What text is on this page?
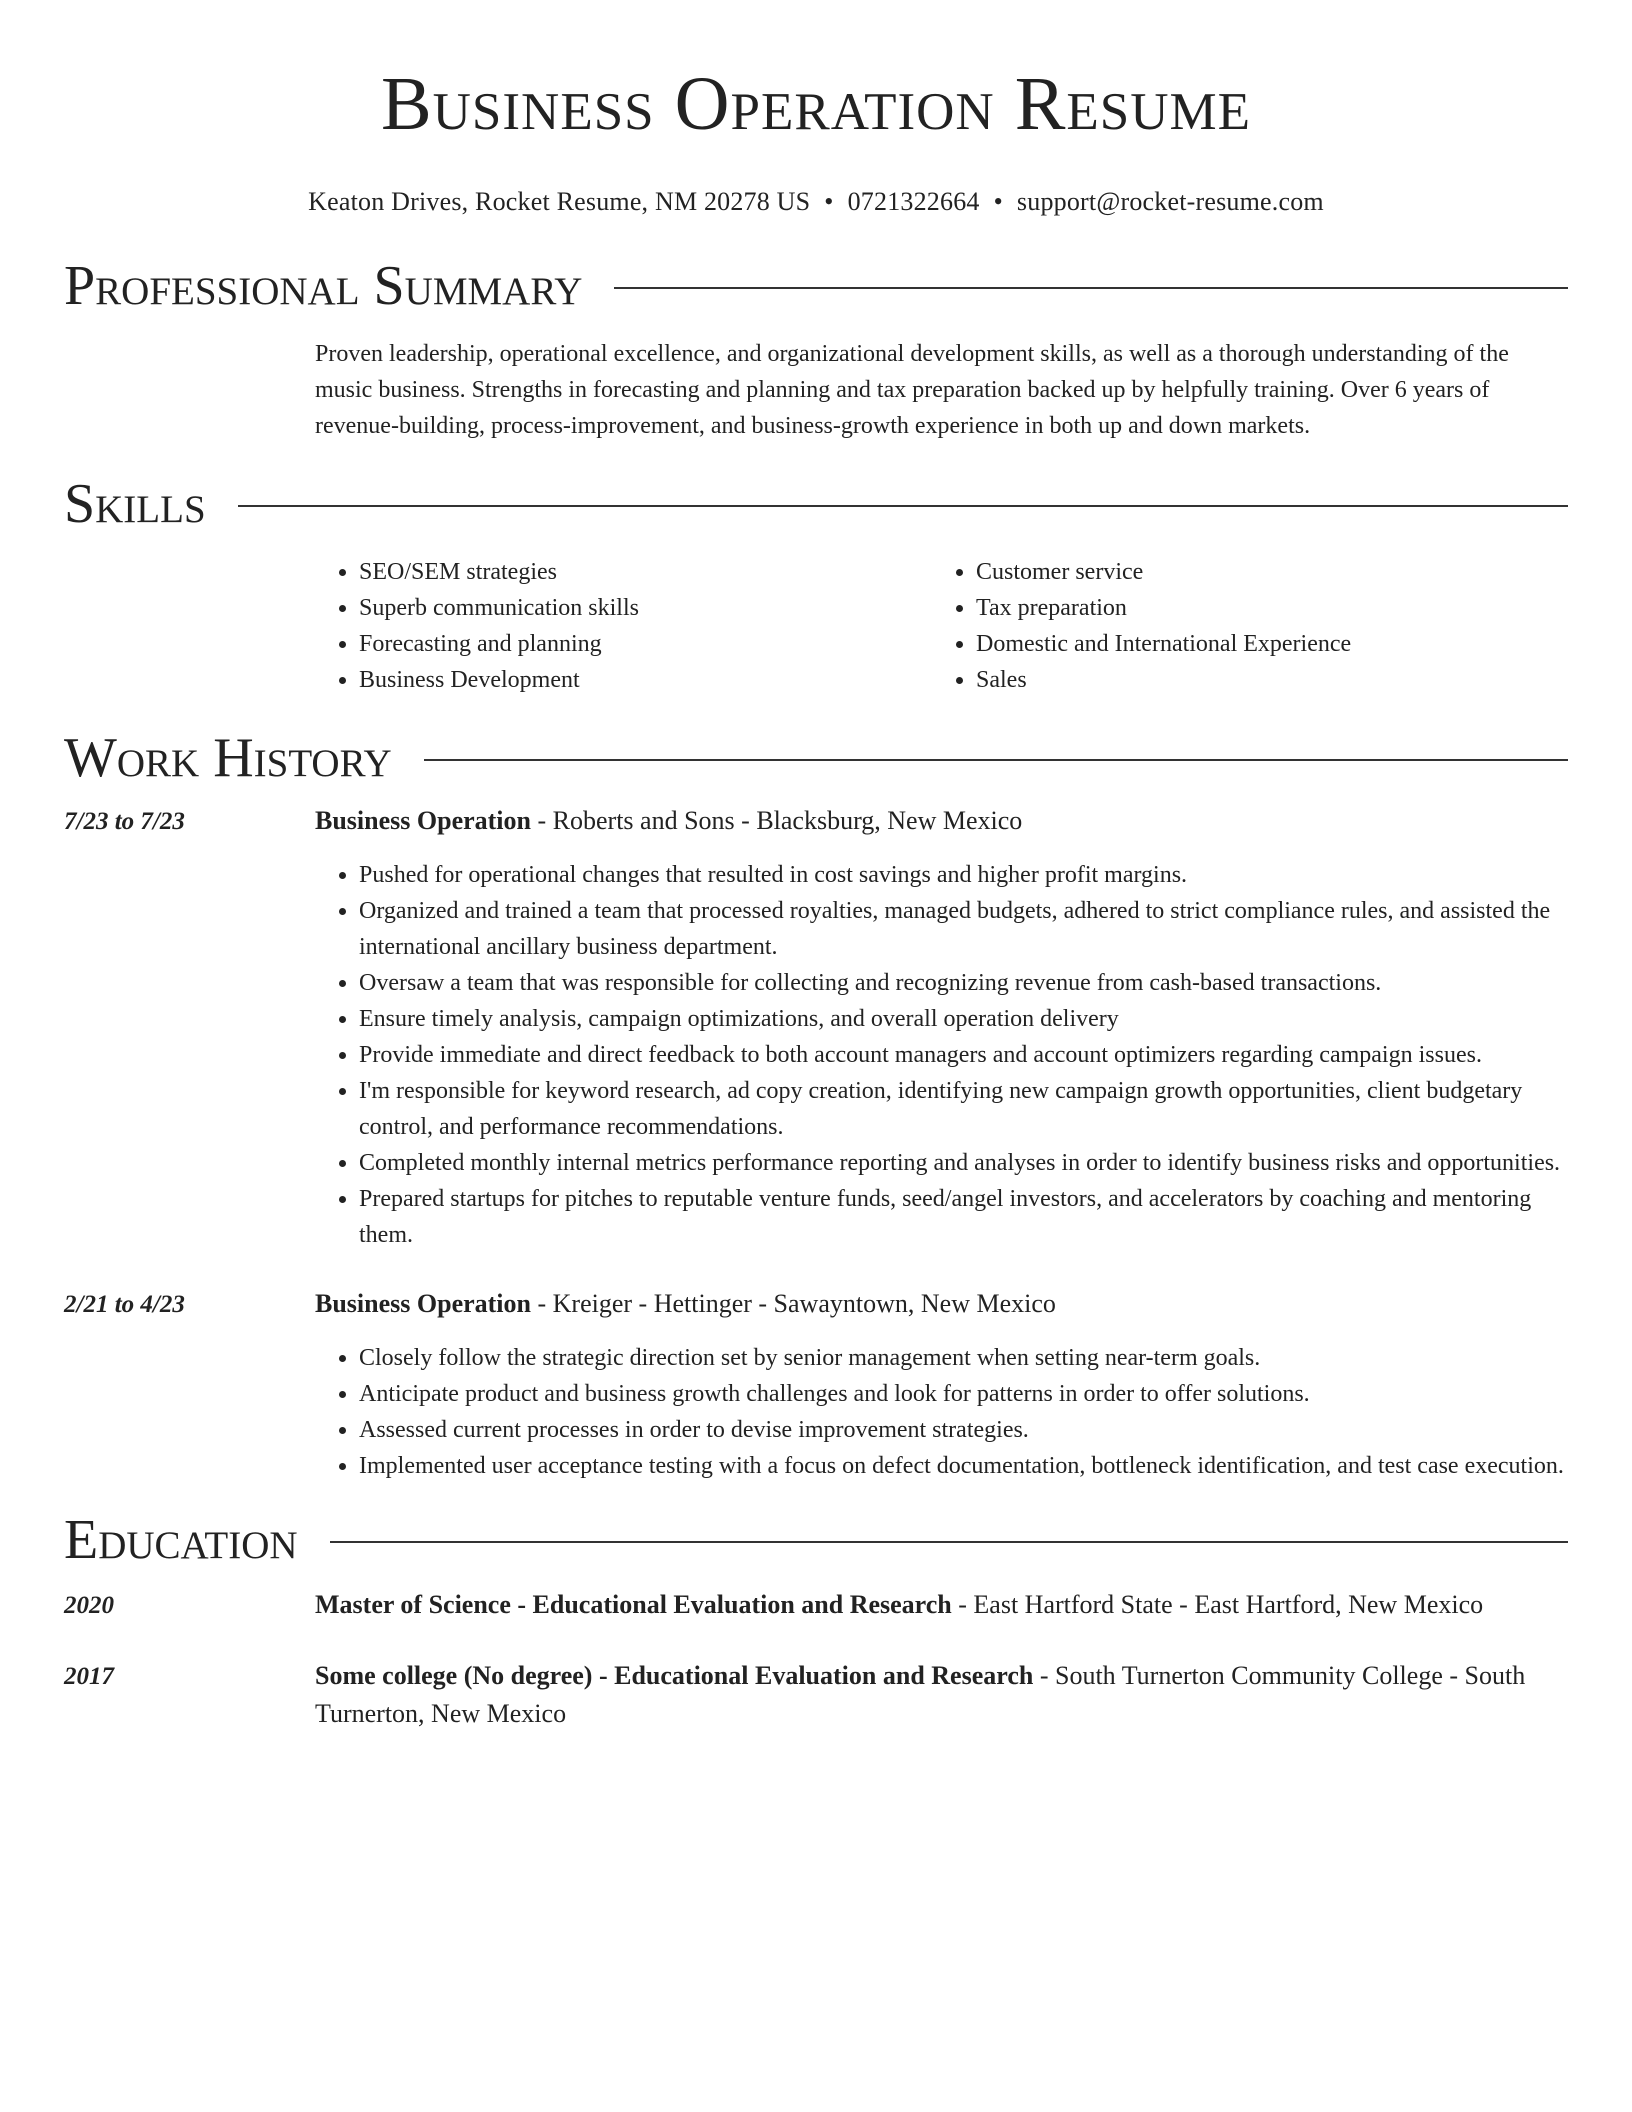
Business Operation Resume
Keaton Drives, Rocket Resume, NM 20278 US • 0721322664 • support@rocket-resume.com
Professional Summary
Proven leadership, operational excellence, and organizational development skills, as well as a thorough understanding of the music business. Strengths in forecasting and planning and tax preparation backed up by helpfully training. Over 6 years of revenue-building, process-improvement, and business-growth experience in both up and down markets.
Skills
• SEO/SEM strategies
• Superb communication skills
• Forecasting and planning
• Business Development
• Customer service
• Tax preparation
• Domestic and International Experience
• Sales
Work History
7/23 to 7/23	Business Operation - Roberts and Sons - Blacksburg, New Mexico
• Pushed for operational changes that resulted in cost savings and higher profit margins.
• Organized and trained a team that processed royalties, managed budgets, adhered to strict compliance rules, and assisted the international ancillary business department.
• Oversaw a team that was responsible for collecting and recognizing revenue from cash-based transactions.
• Ensure timely analysis, campaign optimizations, and overall operation delivery
• Provide immediate and direct feedback to both account managers and account optimizers regarding campaign issues.
• I'm responsible for keyword research, ad copy creation, identifying new campaign growth opportunities, client budgetary control, and performance recommendations.
• Completed monthly internal metrics performance reporting and analyses in order to identify business risks and opportunities.
• Prepared startups for pitches to reputable venture funds, seed/angel investors, and accelerators by coaching and mentoring them.
2/21 to 4/23	Business Operation - Kreiger - Hettinger - Sawayntown, New Mexico
• Closely follow the strategic direction set by senior management when setting near-term goals.
• Anticipate product and business growth challenges and look for patterns in order to offer solutions.
• Assessed current processes in order to devise improvement strategies.
• Implemented user acceptance testing with a focus on defect documentation, bottleneck identification, and test case execution.
Education
2020	Master of Science - Educational Evaluation and Research - East Hartford State - East Hartford, New Mexico
2017	Some college (No degree) - Educational Evaluation and Research - South Turnerton Community College - South Turnerton, New Mexico
